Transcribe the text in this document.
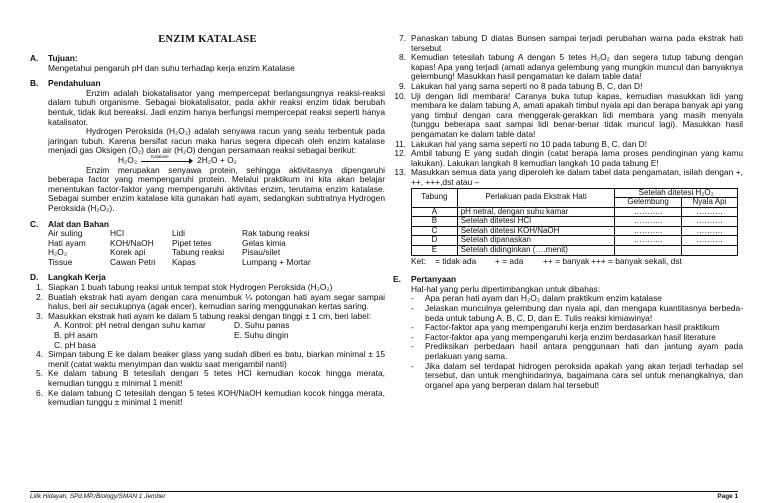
ENZIM KATALASE
A.	Tujuan:
Mengetahui pengaruh pH dan suhu terhadap kerja enzim Katalase
B.	Pendahuluan
Enzim adalah biokatalisator yang mempercepat berlangsungnya reaksi-reaksi dalam tubuh organisme. Sebagai biokatalisator, pada akhir reaksi enzim tidak berubah bentuk, tidak ikut bereaksi. Jadi enzim hanya berfungsi mempercepat reaksi seperti hanya katalisator.
Hydrogen Peroksida (H₂O₂) adalah senyawa racun yang sealu terbentuk pada jaringan tubuh. Karena bersifat racun maka harus segera dipecah oleh enzim katalase menjadi gas Oksigen (O₂) dan air (H₂O) dengan persamaan reaksi sebagai berikut:
H₂O₂	Katalase	2H₂O + O₂
Enzim merupakan senyawa protein, sehingga aktivitasnya dipengaruhi beberapa factor yang mempengaruhi protein. Melalui praktikum ini kita akan belajar menentukan factor-faktor yang mempengaruhi aktivitas enzim, terutama enzim katalase. Sebagai sumber enzim katalase kita gunakan hati ayam, sedangkan subtratnya Hydrogen Peroksida (H₂O₂).
C.	Alat dan Bahan
Air suling	HCl	Lidi	Rak tabung reaksi
Hati ayam	KOH/NaOH	Pipet tetes	Gelas kimia
H₂O₂	Korek api	Tabung reaksi	Pisau/silet
Tissue	Cawan Petri	Kapas	Lumpang + Mortar
D.	Langkah Kerja
1. Siapkan 1 buah tabung reaksi untuk tempat stok Hydrogen Peroksida (H₂O₂)
2. Buatlah ekstrak hati ayam dengan cara menumbuk ¼ potongan hati ayam segar sampai halus, beri air secukupnya (agak encer), kemudian saring menggunakan kertas saring.
3. Masukkan ekstrak hati ayam ke dalam 5 tabung reaksi dengan tinggi ± 1 cm, beri label:
A. Kontrol: pH netral dengan suhu kamar	D. Suhu panas
B. pH asam	E. Suhu dingin
C. pH basa
4. Simpan tabung E ke dalam beaker glass yang sudah diberi es batu, biarkan minimal ± 15 menit (catat waktu menyimpan dan waktu saat mengambil nanti)
5. Ke dalam tabung B tetesilah dengan 5 tetes HCl kemudian kocok hingga merata, kemudian tunggu ± minimal 1 menit!
6. Ke dalam tabung C tetesilah dengan 5 tetes KOH/NaOH kemudian kocok hingga merata, kemudian tunggu ± minimal 1 menit!
7. Panaskan tabung D diatas Bunsen sampai terjadi perubahan warna pada ekstrak hati tersebut
8. Kemudian tetesilah tabung A dengan 5 tetes H₂O₂ dan segera tutup tabung dengan kapas! Apa yang terjadi (amati adanya gelembung yang mungkin muncul dan banyaknya gelembung! Masukkan hasil pengamatan ke dalam table data!
9. Lakukan hal yang sama seperti no 8 pada tabung B, C, dan D!
10. Uji dengan lidi membara! Caranya buka tutup kapas, kemudian masukkan lidi yang membara ke dalam tabung A, amati apakah timbul nyala api dan berapa banyak api yang yang timbul dengan cara menggerak-gerakkan lidi membara yang masih menyala (tunggu beberapa saat sampai lidi benar-benar tidak muncul lagi). Masukkan hasil pengamatan ke dalam table data!
11. Lakukan hal yang sama seperti no 10 pada tabung B, C, dan D!
12. Ambil tabung E yang sudah dingin (catat berapa lama proses pendinginan yang kamu lakukan). Lakukan langkah 8 kemudian langkah 10 pada tabung E!
13. Masukkan semua data yang diperoleh ke dalam tabel data pengamatan, isilah dengan +, ++, +++,dst atau –
Tabung	Perlakuan pada Ekstrak Hati	Setelah ditetesi H₂O₂	
		Gelembung	Nyala Api
A	pH netral, dengan suhu kamar	………..	……….
B	Setelah ditetesi HCl	………..	……….
C	Setelah ditetesi KOH/NaOH	………..	……….
D	Setelah dipanaskan	………..	……….
E	Setelah didinginkan (….menit)		
Ket:	= tidak ada	+ = ada	++ = banyak +++ = banyak sekali, dst
E.	Pertanyaan
Hal-hal yang perlu dipertimbangkan untuk dibahas:
-	Apa peran hati ayam dan H₂O₂ dalam praktikum enzim katalase
-	Jelaskan munculnya gelembung dan nyala api, dan mengapa kuantitasnya berbeda-beda untuk tabung A, B, C, D, dan E. Tulis reaksi kimiawinya!
-	Factor-faktor apa yang mempengaruhi kerja enzim berdasarkan hasil praktikum
-	Factor-faktor apa yang mempengaruhi kerja enzim berdasarkan hasil literature
-	Prediksikan perbedaan hasil antara penggunaan hati dan jantung ayam pada perlakuan yang sama.
-	Jika dalam sel terdapat hidrogen peroksida apakah yang akan terjadi terhadap sel tersebut, dan untuk menghindarinya, bagaimana cara sel untuk menangkalnya, dan organel apa yang berperan dalam hal tersebut!
Lilik Hidayah, SPd.MP./Biology/SMAN 1 Jember	Page 1
